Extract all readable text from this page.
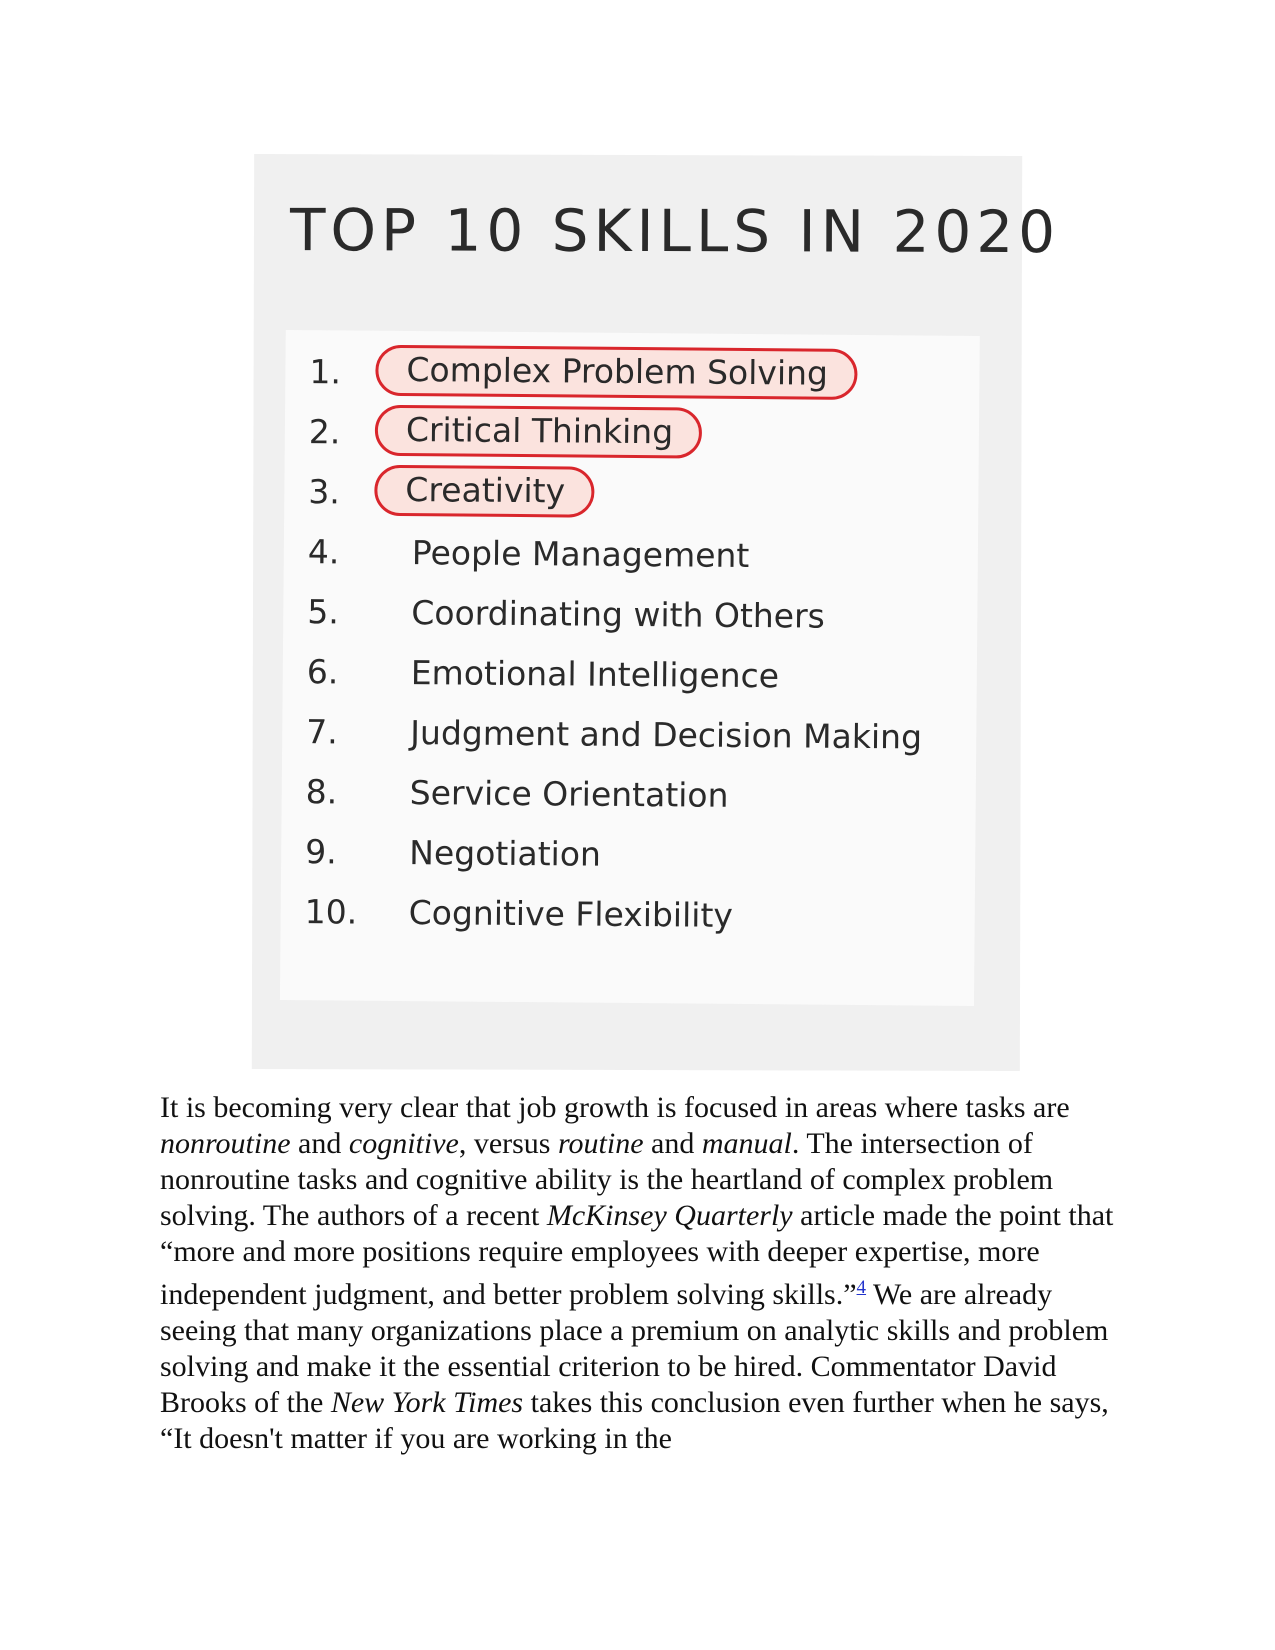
TOP 10 SKILLS IN 2020
1.	Complex Problem Solving
2.	Critical Thinking
3.	Creativity
4.	People Management
5.	Coordinating with Others
6.	Emotional Intelligence
7.	Judgment and Decision Making
8.	Service Orientation
9.	Negotiation
10.	Cognitive Flexibility

It is becoming very clear that job growth is focused in areas where tasks are nonroutine and cognitive, versus routine and manual. The intersection of nonroutine tasks and cognitive ability is the heartland of complex problem solving. The authors of a recent McKinsey Quarterly article made the point that “more and more positions require employees with deeper expertise, more independent judgment, and better problem solving skills.”$^4$ We are already seeing that many organizations place a premium on analytic skills and problem solving and make it the essential criterion to be hired. Commentator David Brooks of the New York Times takes this conclusion even further when he says, “It doesn't matter if you are working in the
